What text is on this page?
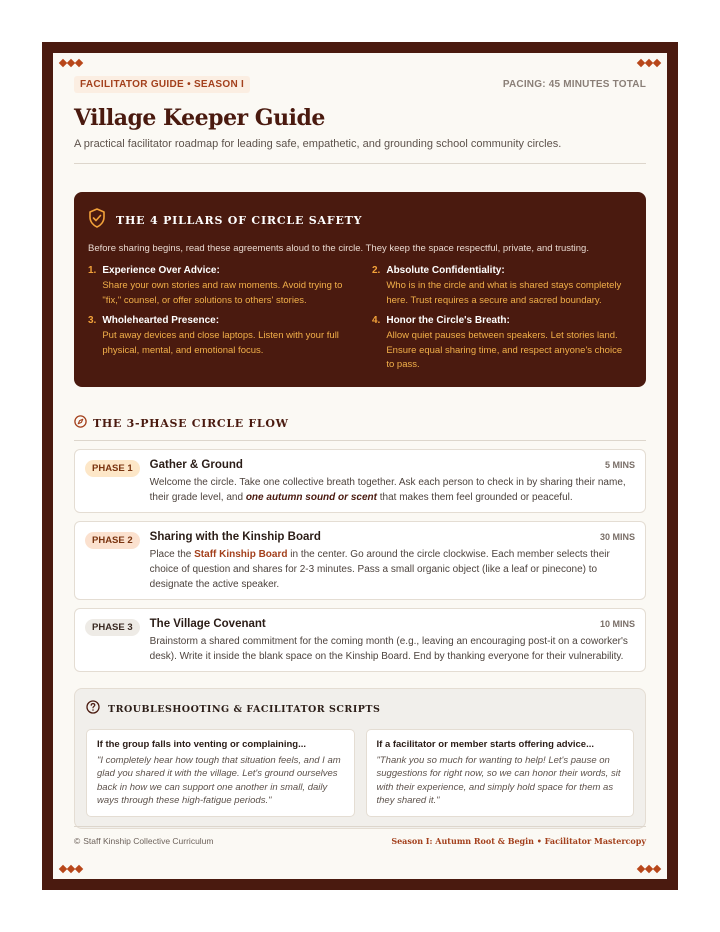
FACILITATOR GUIDE • SEASON I	PACING: 45 MINUTES TOTAL
Village Keeper Guide

A practical facilitator roadmap for leading safe, empathetic, and grounding school community circles.

THE 4 PILLARS OF CIRCLE SAFETY

Before sharing begins, read these agreements aloud to the circle. They keep the space respectful, private, and trusting.

1. Experience Over Advice:
Share your own stories and raw moments. Avoid trying to "fix," counsel, or offer solutions to others' stories.
2. Absolute Confidentiality:
Who is in the circle and what is shared stays completely here. Trust requires a secure and sacred boundary.
3. Wholehearted Presence:
Put away devices and close laptops. Listen with your full physical, mental, and emotional focus.
4. Honor the Circle's Breath:
Allow quiet pauses between speakers. Let stories land. Ensure equal sharing time, and respect anyone's choice to pass.
THE 3-PHASE CIRCLE FLOW
PHASE 1	Gather & Ground	5 MINS

Welcome the circle. Take one collective breath together. Ask each person to check in by sharing their name, their grade level, and one autumn sound or scent that makes them feel grounded or peaceful.

PHASE 2	Sharing with the Kinship Board	30 MINS

Place the Staff Kinship Board in the center. Go around the circle clockwise. Each member selects their choice of question and shares for 2-3 minutes. Pass a small organic object (like a leaf or pinecone) to designate the active speaker.

PHASE 3	The Village Covenant	10 MINS

Brainstorm a shared commitment for the coming month (e.g., leaving an encouraging post-it on a coworker's desk). Write it inside the blank space on the Kinship Board. End by thanking everyone for their vulnerability.

TROUBLESHOOTING & FACILITATOR SCRIPTS
If the group falls into venting or complaining...
"I completely hear how tough that situation feels, and I am glad you shared it with the village. Let's ground ourselves back in how we can support one another in small, daily ways through these high-fatigue periods."
If a facilitator or member starts offering advice...
"Thank you so much for wanting to help! Let's pause on suggestions for right now, so we can honor their words, sit with their experience, and simply hold space for them as they shared it."
© Staff Kinship Collective Curriculum	Season I: Autumn Root & Begin • Facilitator Mastercopy
